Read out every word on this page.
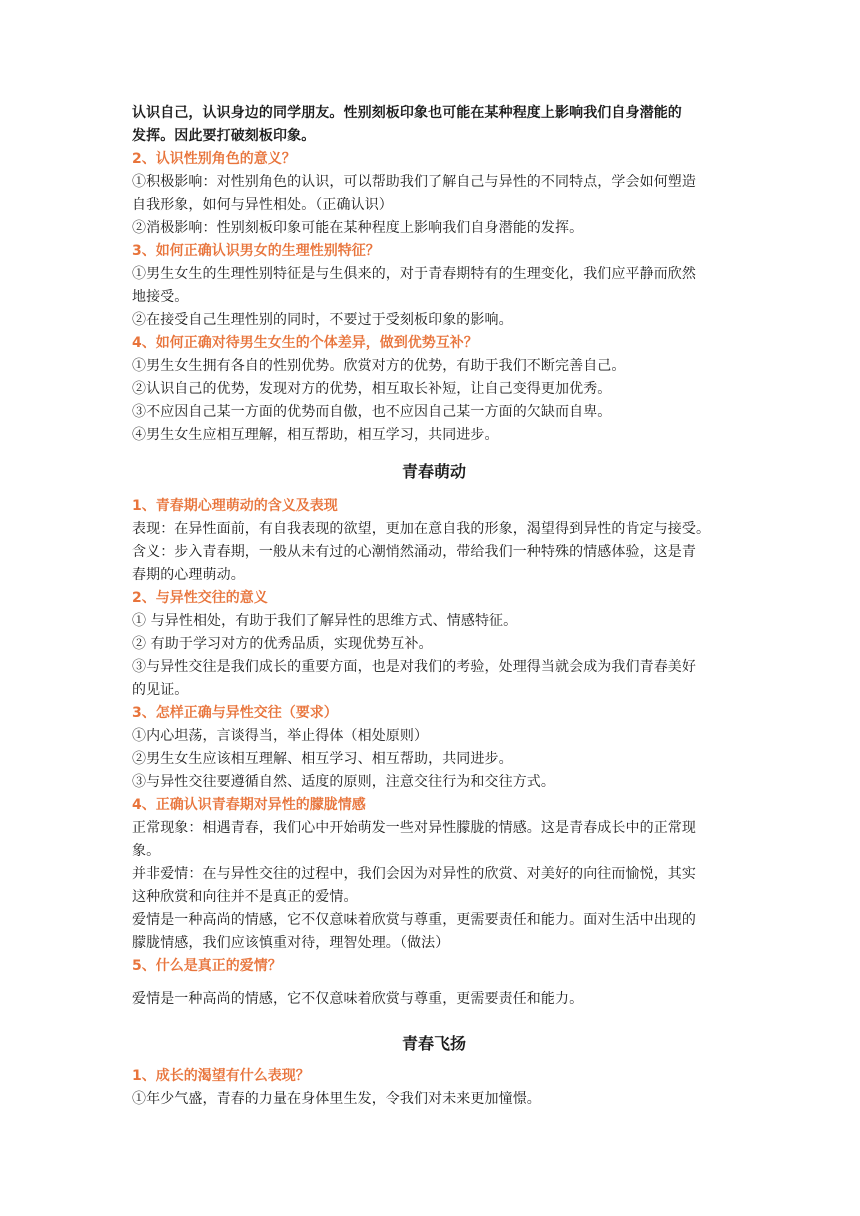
认识自己，认识身边的同学朋友。性别刻板印象也可能在某种程度上影响我们自身潜能的
发挥。因此要打破刻板印象。
2、认识性别角色的意义？
①积极影响：对性别角色的认识，可以帮助我们了解自己与异性的不同特点，学会如何塑造
自我形象，如何与异性相处。（正确认识）
②消极影响：性别刻板印象可能在某种程度上影响我们自身潜能的发挥。
3、如何正确认识男女的生理性别特征？
①男生女生的生理性别特征是与生俱来的，对于青春期特有的生理变化，我们应平静而欣然
地接受。
②在接受自己生理性别的同时，不要过于受刻板印象的影响。
4、如何正确对待男生女生的个体差异，做到优势互补？
①男生女生拥有各自的性别优势。欣赏对方的优势，有助于我们不断完善自己。
②认识自己的优势，发现对方的优势，相互取长补短，让自己变得更加优秀。
③不应因自己某一方面的优势而自傲，也不应因自己某一方面的欠缺而自卑。
④男生女生应相互理解，相互帮助，相互学习，共同进步。
青春萌动
1、青春期心理萌动的含义及表现
表现：在异性面前，有自我表现的欲望，更加在意自我的形象，渴望得到异性的肯定与接受。
含义：步入青春期，一般从未有过的心潮悄然涌动，带给我们一种特殊的情感体验，这是青
春期的心理萌动。
2、与异性交往的意义
① 与异性相处，有助于我们了解异性的思维方式、情感特征。
② 有助于学习对方的优秀品质，实现优势互补。
③与异性交往是我们成长的重要方面，也是对我们的考验，处理得当就会成为我们青春美好
的见证。
3、怎样正确与异性交往（要求）
①内心坦荡，言谈得当，举止得体（相处原则）
②男生女生应该相互理解、相互学习、相互帮助，共同进步。
③与异性交往要遵循自然、适度的原则，注意交往行为和交往方式。
4、正确认识青春期对异性的朦胧情感
正常现象：相遇青春，我们心中开始萌发一些对异性朦胧的情感。这是青春成长中的正常现
象。
并非爱情：在与异性交往的过程中，我们会因为对异性的欣赏、对美好的向往而愉悦，其实
这种欣赏和向往并不是真正的爱情。
爱情是一种高尚的情感，它不仅意味着欣赏与尊重，更需要责任和能力。面对生活中出现的
朦胧情感，我们应该慎重对待，理智处理。（做法）
5、什么是真正的爱情？
爱情是一种高尚的情感，它不仅意味着欣赏与尊重，更需要责任和能力。
青春飞扬
1、成长的渴望有什么表现？
①年少气盛，青春的力量在身体里生发，令我们对未来更加憧憬。
